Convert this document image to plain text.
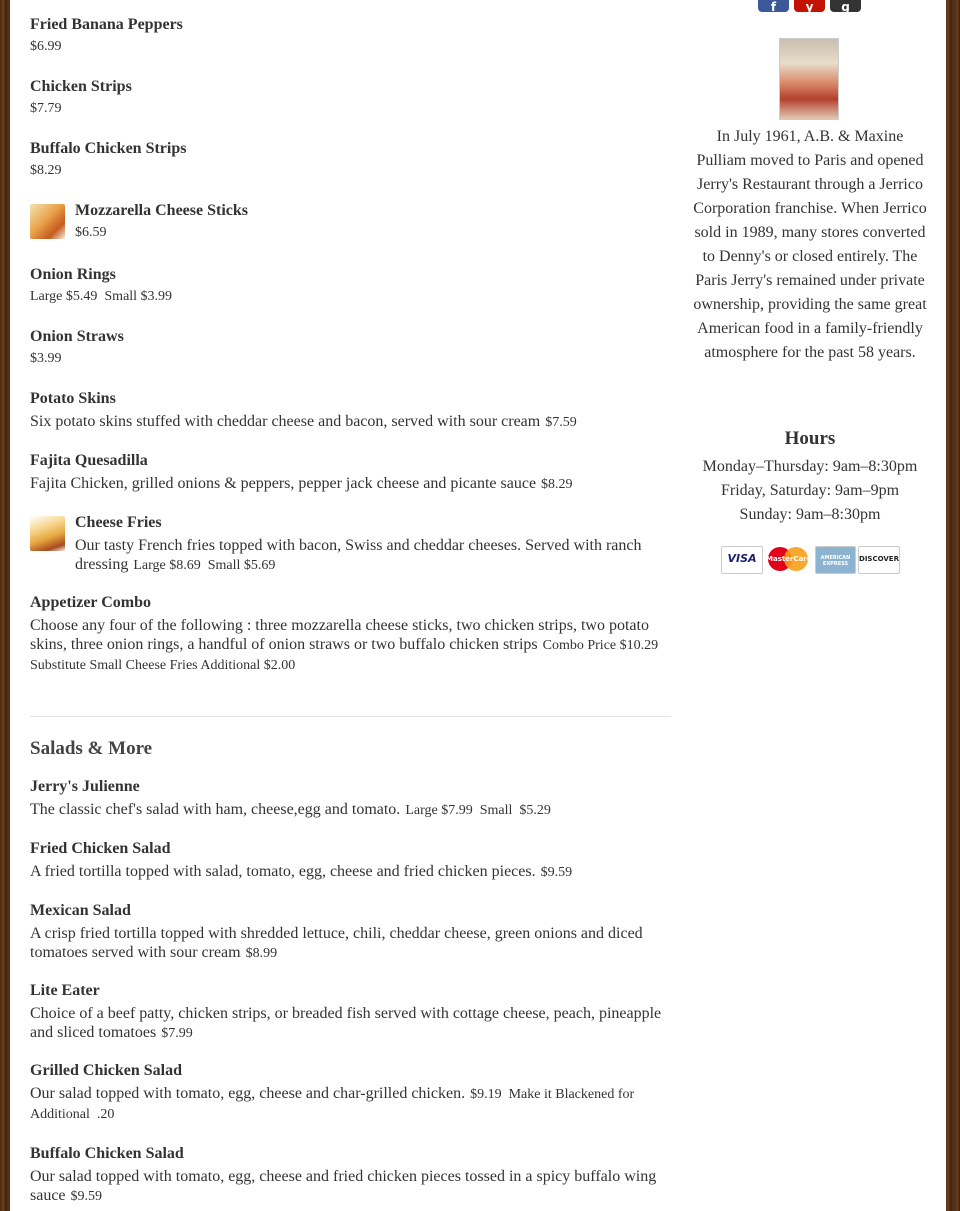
Fried Banana Peppers
$6.99
Chicken Strips
$7.79
Buffalo Chicken Strips
$8.29
Mozzarella Cheese Sticks
$6.59
Onion Rings
Large $5.49  Small $3.99
Onion Straws
$3.99
Potato Skins
Six potato skins stuffed with cheddar cheese and bacon, served with sour cream $7.59
Fajita Quesadilla
Fajita Chicken, grilled onions & peppers, pepper jack cheese and picante sauce $8.29
Cheese Fries
Our tasty French fries topped with bacon, Swiss and cheddar cheeses. Served with ranch dressing Large $8.69  Small $5.69
Appetizer Combo
Choose any four of the following : three mozzarella cheese sticks, two chicken strips, two potato skins, three onion rings, a handful of onion straws or two buffalo chicken strips Combo Price $10.29
Substitute Small Cheese Fries Additional $2.00
Salads & More
Jerry's Julienne
The classic chef's salad with ham, cheese,egg and tomato. Large $7.99  Small  $5.29
Fried Chicken Salad
A fried tortilla topped with salad, tomato, egg, cheese and fried chicken pieces. $9.59
Mexican Salad
A crisp fried tortilla topped with shredded lettuce, chili, cheddar cheese, green onions and diced tomatoes served with sour cream $8.99
Lite Eater
Choice of a beef patty, chicken strips, or breaded fish served with cottage cheese, peach, pineapple and sliced tomatoes $7.99
Grilled Chicken Salad
Our salad topped with tomato, egg, cheese and char-grilled chicken. $9.19  Make it Blackened for Additional  .20
Buffalo Chicken Salad
Our salad topped with tomato, egg, cheese and fried chicken pieces tossed in a spicy buffalo wing sauce $9.59
f	y	g
In July 1961, A.B. & Maxine Pulliam moved to Paris and opened Jerry's Restaurant through a Jerrico Corporation franchise. When Jerrico sold in 1989, many stores converted to Denny's or closed entirely. The Paris Jerry's remained under private ownership, providing the same great American food in a family-friendly atmosphere for the past 58 years.
Hours
Monday–Thursday: 9am–8:30pm
Friday, Saturday: 9am–9pm
Sunday: 9am–8:30pm
VISA	MasterCard	AMERICAN EXPRESS
DISCOVER
